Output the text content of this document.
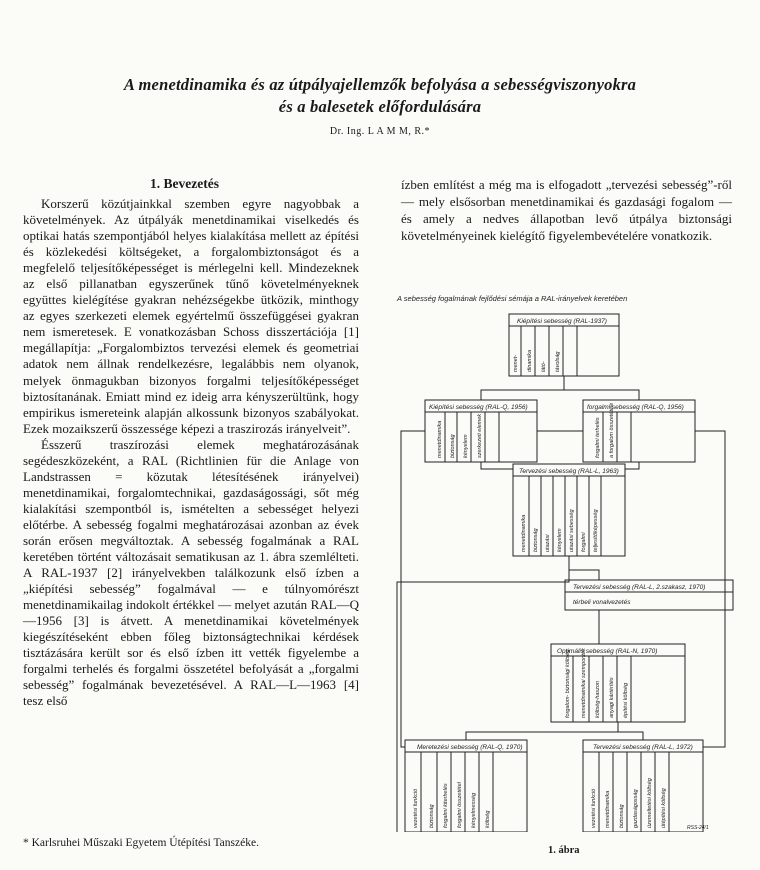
A menetdinamika és az útpályajellemzők befolyása a sebességviszonyokra
és a balesetek előfordulására
Dr. Ing. L A M M, R.*
1. Bevezetés

Korszerű közútjainkkal szemben egyre nagyobbak a követelmények. Az útpályák menetdinamikai viselkedés és optikai hatás szempontjából helyes kialakítása mellett az építési és közlekedési költségeket, a forgalombiztonságot és a megfelelő teljesítőképességet is mérlegelni kell. Mindezeknek az első pillanatban egyszerűnek tűnő követelményeknek együttes kielégítése gyakran nehézségekbe ütközik, minthogy az egyes szerkezeti elemek egyértelmű összefüggései gyakran nem ismeretesek. E vonatkozásban Schoss disszertációja [1] megállapítja: „Forgalombiztos tervezési elemek és geometriai adatok nem állnak rendelkezésre, legalábbis nem olyanok, melyek önmagukban bizonyos forgalmi teljesítőképességet biztosítanának. Emiatt mind ez ideig arra kényszerültünk, hogy empirikus ismereteink alapján alkossunk bizonyos szabályokat. Ezek mozaikszerű összessége képezi a traszirozás irányelveit”.

Ésszerű traszírozási elemek meghatározásának segédeszközeként, a RAL (Richtlinien für die Anlage von Landstrassen = közutak létesítésének irányelvei) menetdinamikai, forgalomtechnikai, gazdaságossági, sőt még kialakítási szempontból is, ismételten a sebességet helyezi előtérbe. A sebesség fogalmi meghatározásai azonban az évek során erősen megváltoztak. A sebesség fogalmának a RAL keretében történt változásait sematikusan az 1. ábra szemlélteti. A RAL-1937 [2] irányelvekben találkozunk első ízben a „kiépítési sebesség” fogalmával — e túlnyomórészt menetdinamikailag indokolt értékkel — melyet azután RAL—Q—1956 [3] is átvett. A menetdinamikai követelmények kiegészítéseként ebben főleg biztonságtechnikai kérdések tisztázására került sor és első ízben itt vették figyelembe a forgalmi terhelés és forgalmi összetétel befolyását a „forgalmi sebesség” fogalmának bevezetésével. A RAL—L—1963 [4] tesz első

ízben említést a még ma is elfogadott „tervezési sebesség”-ről — mely elsősorban menetdinamikai és gazdasági fogalom — és amely a nedves állapotban levő útpálya biztonsági követelményeinek kielégítő figyelembevételére vonatkozik.

A sebesség fogalmának fejlődési sémája a RAL-irányelvek keretében
Kiépítési sebesség (RAL-1937)
menet- dinamika látó- távolság
Kiépítési sebesség (RAL-Q, 1956)
menetdinamika biztonság kényelem szerkezeti elemek
forgalmi sebesség (RAL-Q, 1956)
forgalmi terhelés a forgalom összetétele
Tervezési sebesség (RAL-L, 1963)
menetdinamika biztonság utazási kényelem utazási sebesség forgalmi teljesítőképesség
Tervezési sebesség (RAL-L, 2.szakasz, 1970)
térbeli vonalvezetés
Optimális sebesség (RAL-N, 1970)
forgalom- biztonsági költség menetdinamikai szempontok költség-haszon anyagi kártérítés építési költség
Meretezési sebesség (RAL-Q, 1970)
vezetési funkció biztonság forgalmi kiterhelés forgalmi összetétel kényelmesség költség
Tervezési sebesség (RAL-L, 1972)
vezetési funkció menetdinamika biztonság gazdaságosság üzemeltetési költség útépítési költség	RSS-24/1
* Karlsruhei Műszaki Egyetem Útépítési Tanszéke.
1. ábra
